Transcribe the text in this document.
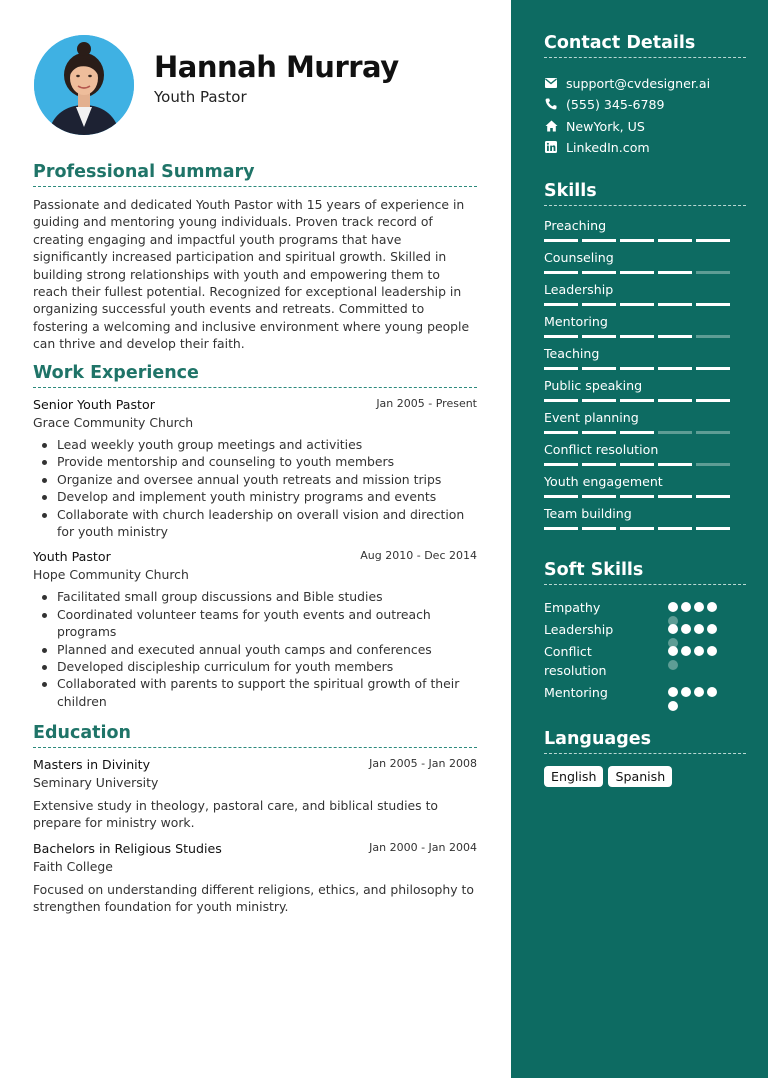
Hannah Murray
Youth Pastor
Professional Summary
Passionate and dedicated Youth Pastor with 15 years of experience in guiding and mentoring young individuals. Proven track record of creating engaging and impactful youth programs that have significantly increased participation and spiritual growth. Skilled in building strong relationships with youth and empowering them to reach their fullest potential. Recognized for exceptional leadership in organizing successful youth events and retreats. Committed to fostering a welcoming and inclusive environment where young people can thrive and develop their faith.
Work Experience
Senior Youth Pastor	Jan 2005 - Present
Grace Community Church
Lead weekly youth group meetings and activities
Provide mentorship and counseling to youth members
Organize and oversee annual youth retreats and mission trips
Develop and implement youth ministry programs and events
Collaborate with church leadership on overall vision and direction for youth ministry
Youth Pastor	Aug 2010 - Dec 2014
Hope Community Church
Facilitated small group discussions and Bible studies
Coordinated volunteer teams for youth events and outreach programs
Planned and executed annual youth camps and conferences
Developed discipleship curriculum for youth members
Collaborated with parents to support the spiritual growth of their children
Education
Masters in Divinity	Jan 2005 - Jan 2008
Seminary University
Extensive study in theology, pastoral care, and biblical studies to prepare for ministry work.
Bachelors in Religious Studies	Jan 2000 - Jan 2004
Faith College
Focused on understanding different religions, ethics, and philosophy to strengthen foundation for youth ministry.
Contact Details
support@cvdesigner.ai
(555) 345-6789
NewYork, US
LinkedIn.com
Skills
Preaching
Counseling
Leadership
Mentoring
Teaching
Public speaking
Event planning
Conflict resolution
Youth engagement
Team building
Soft Skills
Empathy
Leadership
Conflict resolution
Mentoring
Languages
English	Spanish
